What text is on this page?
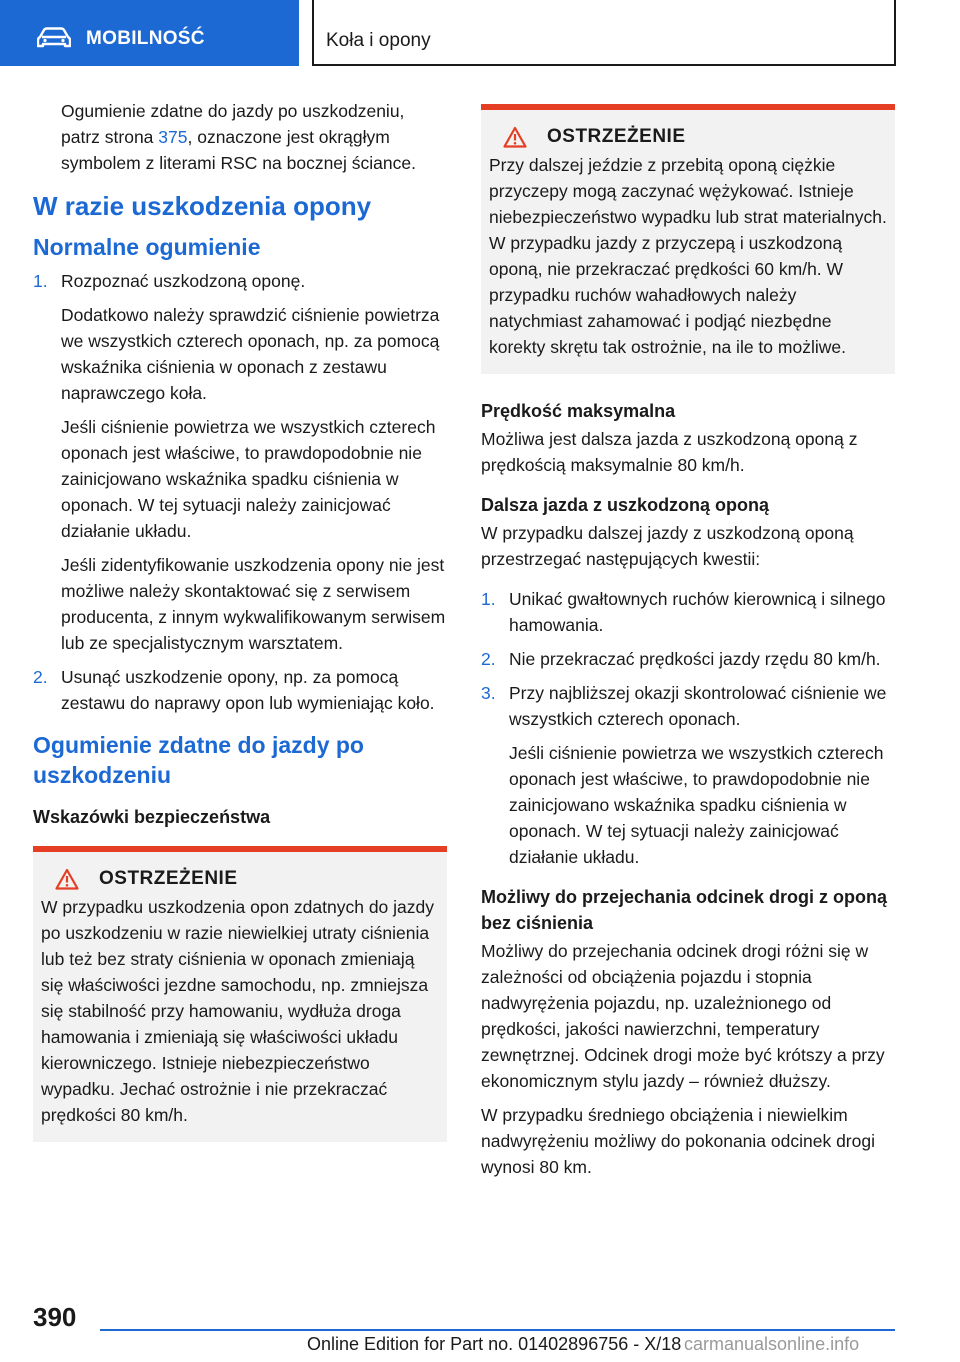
MOBILNOŚĆ	Koła i opony

Ogumienie zdatne do jazdy po uszkodzeniu, patrz strona 375, oznaczone jest okrągłym symbolem z literami RSC na bocznej ściance.

W razie uszkodzenia opony
Normalne ogumienie
1. Rozpoznać uszkodzoną oponę.

Dodatkowo należy sprawdzić ciśnienie powietrza we wszystkich czterech oponach, np. za pomocą wskaźnika ciśnienia w oponach z zestawu naprawczego koła.

Jeśli ciśnienie powietrza we wszystkich czterech oponach jest właściwe, to prawdopodobnie nie zainicjowano wskaźnika spadku ciśnienia w oponach. W tej sytuacji należy zainicjować działanie układu.

Jeśli zidentyfikowanie uszkodzenia opony nie jest możliwe należy skontaktować się z serwisem producenta, z innym wykwalifikowanym serwisem lub ze specjalistycznym warsztatem.

2. Usunąć uszkodzenie opony, np. za pomocą zestawu do naprawy opon lub wymieniając koło.

Ogumienie zdatne do jazdy po uszkodzeniu
Wskazówki bezpieczeństwa
OSTRZEŻENIE

W przypadku uszkodzenia opon zdatnych do jazdy po uszkodzeniu w razie niewielkiej utraty ciśnienia lub też bez straty ciśnienia w oponach zmieniają się właściwości jezdne samochodu, np. zmniejsza się stabilność przy hamowaniu, wydłuża droga hamowania i zmieniają się właściwości układu kierowniczego. Istnieje niebezpieczeństwo wypadku. Jechać ostrożnie i nie przekraczać prędkości 80 km/h.

OSTRZEŻENIE

Przy dalszej jeździe z przebitą oponą ciężkie przyczepy mogą zaczynać wężykować. Istnieje niebezpieczeństwo wypadku lub strat materialnych. W przypadku jazdy z przyczepą i uszkodzoną oponą, nie przekraczać prędkości 60 km/h. W przypadku ruchów wahadłowych należy natychmiast zahamować i podjąć niezbędne korekty skrętu tak ostrożnie, na ile to możliwe.

Prędkość maksymalna

Możliwa jest dalsza jazda z uszkodzoną oponą z prędkością maksymalnie 80 km/h.

Dalsza jazda z uszkodzoną oponą

W przypadku dalszej jazdy z uszkodzoną oponą przestrzegać następujących kwestii:

1. Unikać gwałtownych ruchów kierownicą i silnego hamowania.

2. Nie przekraczać prędkości jazdy rzędu 80 km/h.

3. Przy najbliższej okazji skontrolować ciśnienie we wszystkich czterech oponach.

Jeśli ciśnienie powietrza we wszystkich czterech oponach jest właściwe, to prawdopodobnie nie zainicjowano wskaźnika spadku ciśnienia w oponach. W tej sytuacji należy zainicjować działanie układu.

Możliwy do przejechania odcinek drogi z oponą bez ciśnienia

Możliwy do przejechania odcinek drogi różni się w zależności od obciążenia pojazdu i stopnia nadwyrężenia pojazdu, np. uzależnionego od prędkości, jakości nawierzchni, temperatury zewnętrznej. Odcinek drogi może być krótszy a przy ekonomicznym stylu jazdy – również dłuższy.

W przypadku średniego obciążenia i niewielkim nadwyrężeniu możliwy do pokonania odcinek drogi wynosi 80 km.

390
Online Edition for Part no. 01402896756 - X/18 carmanualsonline.info
